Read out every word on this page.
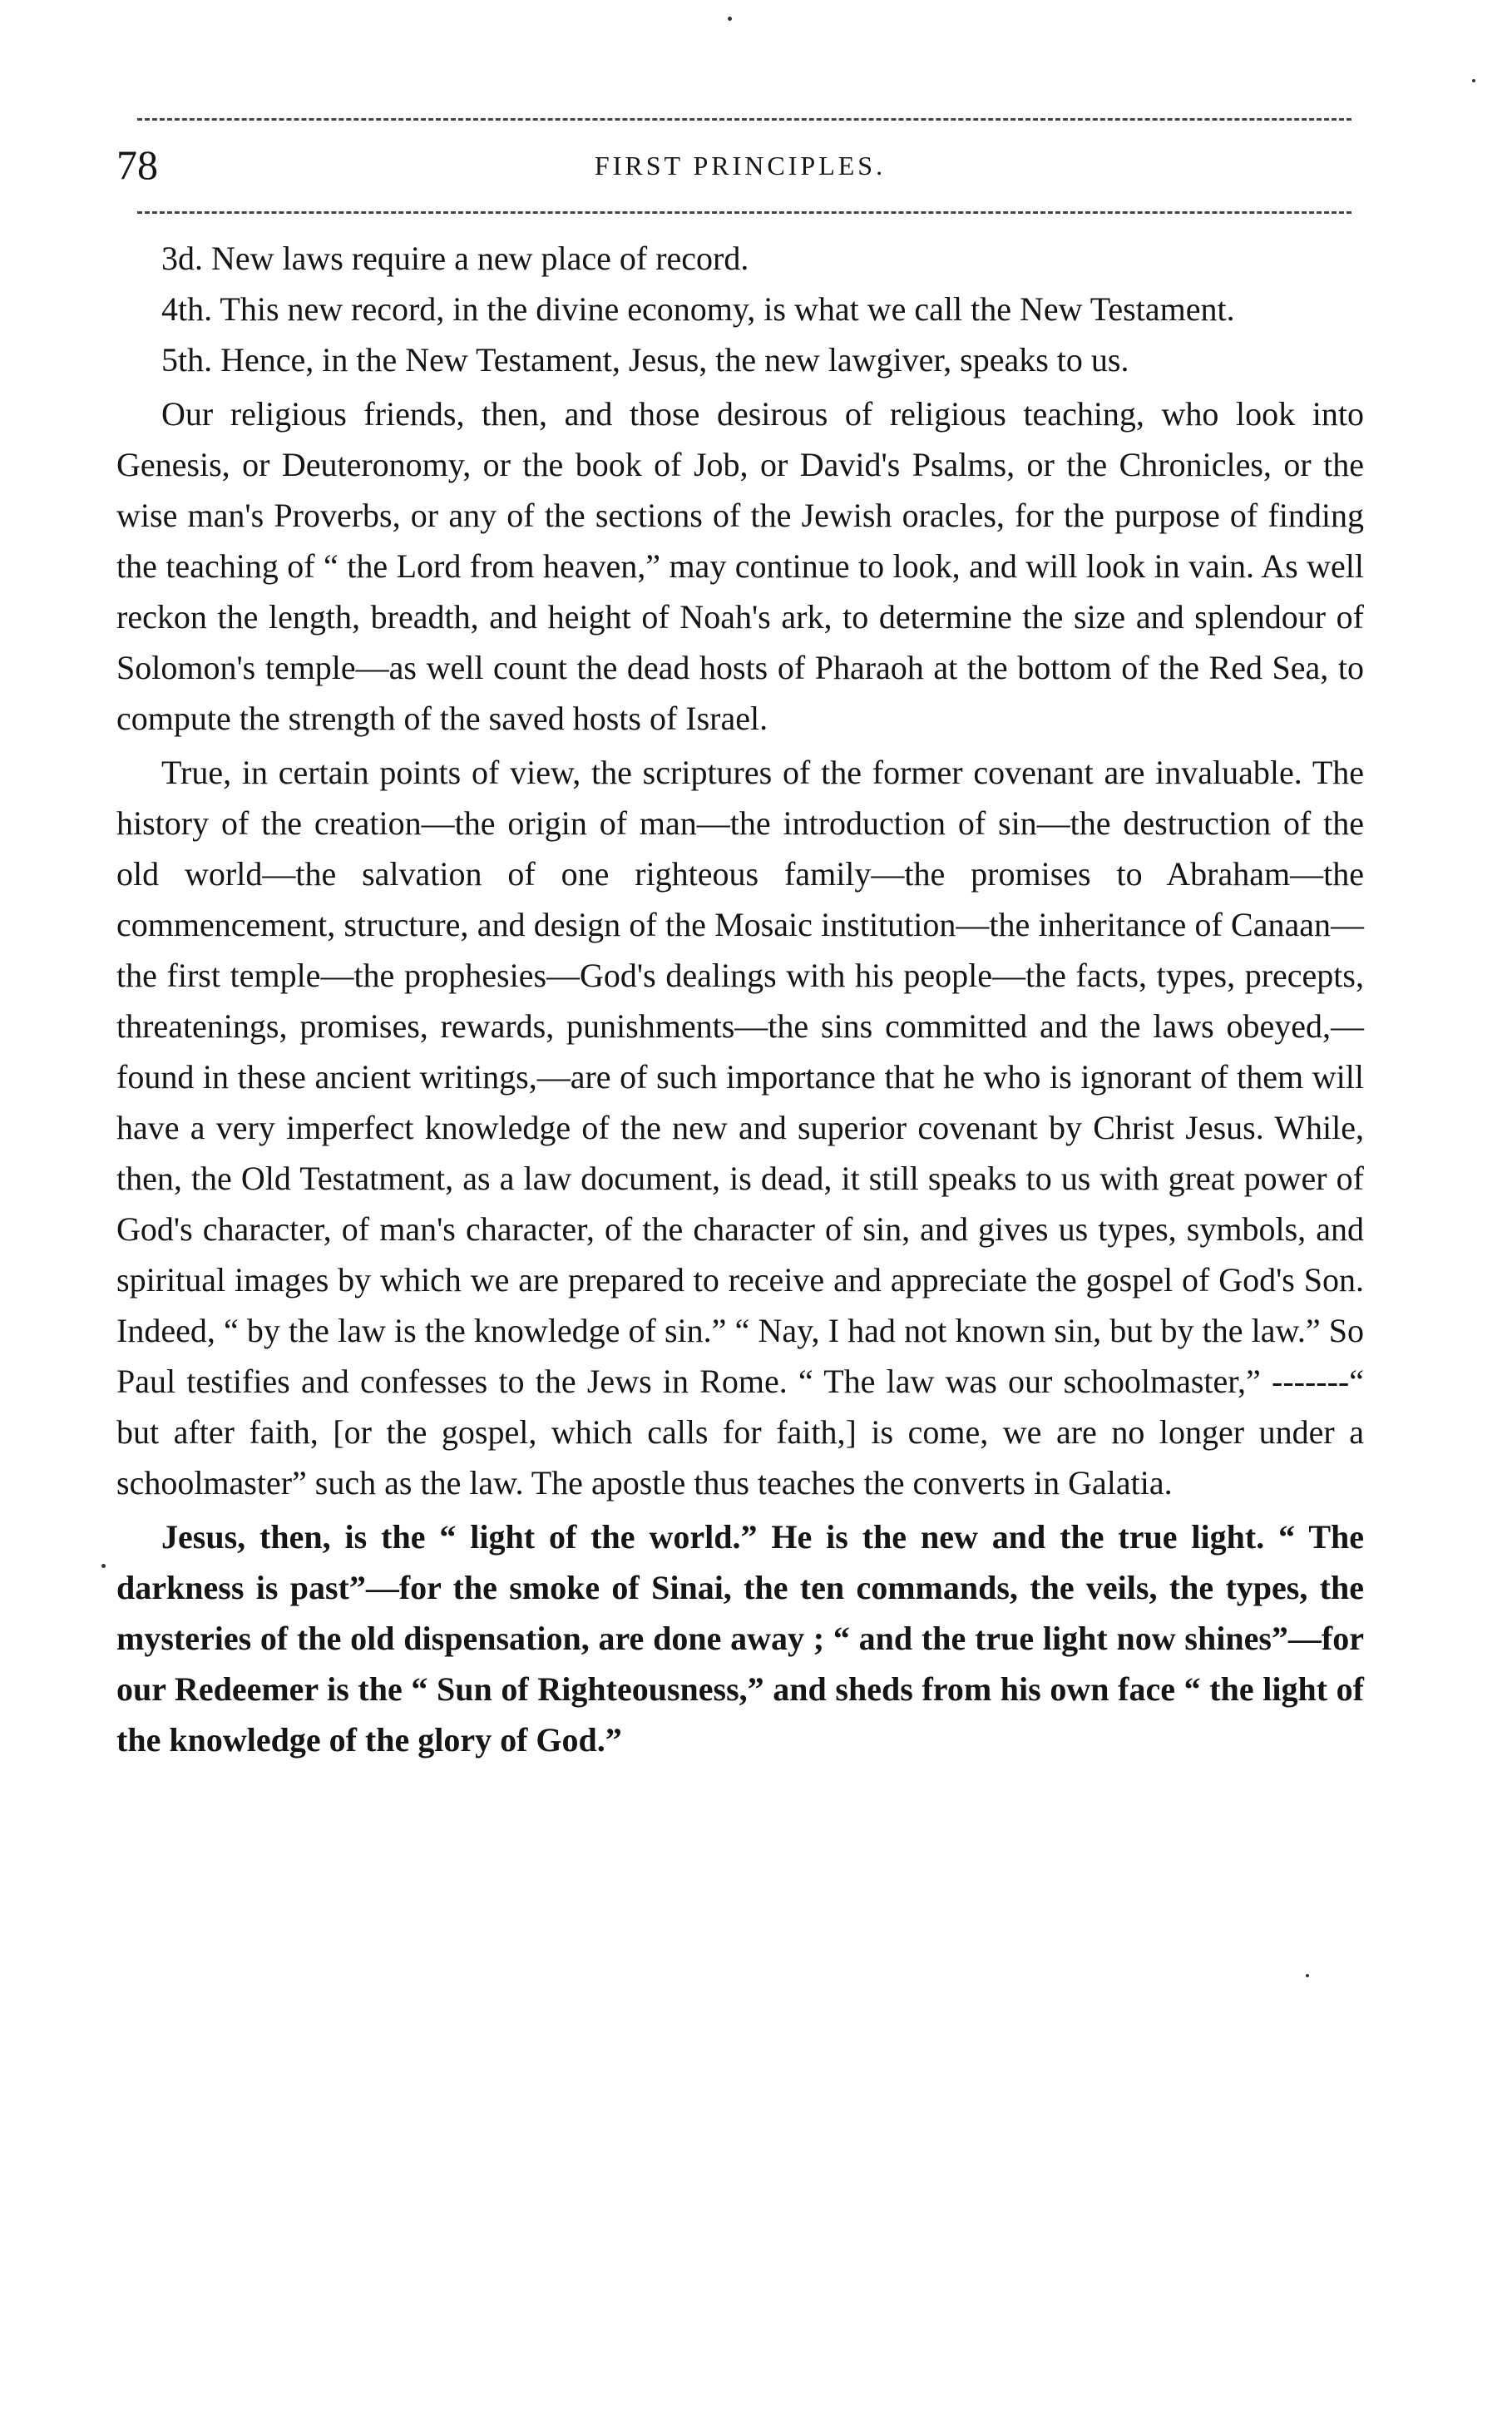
78	FIRST PRINCIPLES.

3d. New laws require a new place of record.

4th. This new record, in the divine economy, is what we call the New Testament.

5th. Hence, in the New Testament, Jesus, the new lawgiver, speaks to us.

Our religious friends, then, and those desirous of religious teaching, who look into Genesis, or Deuteronomy, or the book of Job, or David's Psalms, or the Chronicles, or the wise man's Proverbs, or any of the sections of the Jewish oracles, for the purpose of finding the teaching of “ the Lord from heaven,” may continue to look, and will look in vain. As well reckon the length, breadth, and height of Noah's ark, to determine the size and splendour of Solomon's temple—as well count the dead hosts of Pharaoh at the bottom of the Red Sea, to compute the strength of the saved hosts of Israel.

True, in certain points of view, the scriptures of the former covenant are invaluable. The history of the creation—the origin of man—the introduction of sin—the destruction of the old world—the salvation of one righteous family—the promises to Abraham—the commencement, structure, and design of the Mosaic institution—the inheritance of Canaan—the first temple—the prophesies—God's dealings with his people—the facts, types, precepts, threatenings, promises, rewards, punishments—the sins committed and the laws obeyed,—found in these ancient writings,—are of such importance that he who is ignorant of them will have a very imperfect knowledge of the new and superior covenant by Christ Jesus. While, then, the Old Testatment, as a law document, is dead, it still speaks to us with great power of God's character, of man's character, of the character of sin, and gives us types, symbols, and spiritual images by which we are prepared to receive and appreciate the gospel of God's Son. Indeed, “ by the law is the knowledge of sin.” “ Nay, I had not known sin, but by the law.” So Paul testifies and confesses to the Jews in Rome. “ The law was our schoolmaster,” -------“ but after faith, [or the gospel, which calls for faith,] is come, we are no longer under a schoolmaster” such as the law. The apostle thus teaches the converts in Galatia.

Jesus, then, is the “ light of the world.” He is the new and the true light. “ The darkness is past”—for the smoke of Sinai, the ten commands, the veils, the types, the mysteries of the old dispensation, are done away ; “ and the true light now shines”—for our Redeemer is the “ Sun of Righteousness,” and sheds from his own face “ the light of the knowledge of the glory of God.”
